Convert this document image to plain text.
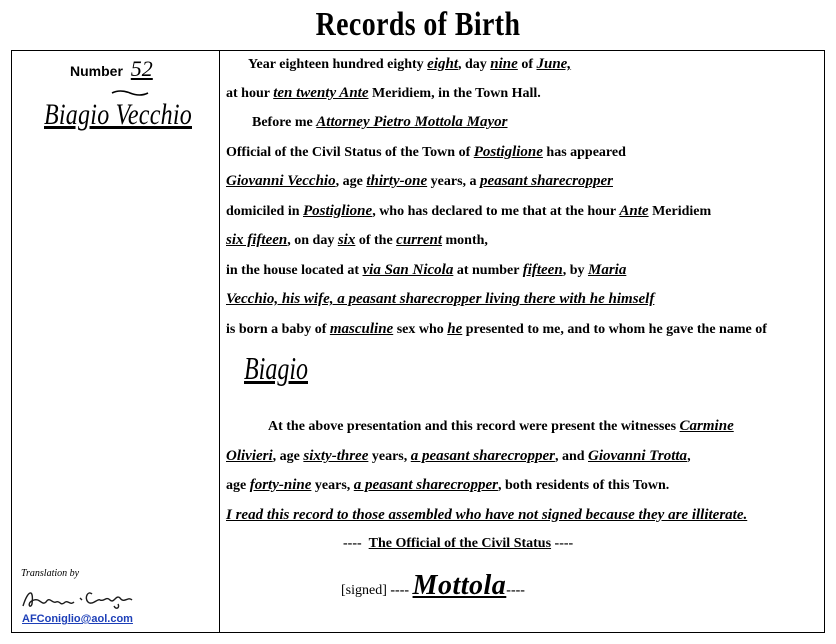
Records of Birth
Number 52
Biagio Vecchio
Translation by
AFConiglio@aol.com
Year eighteen hundred eighty eight, day nine of June,
at hour ten twenty Ante Meridiem, in the Town Hall.
Before me Attorney Pietro Mottola Mayor
Official of the Civil Status of the Town of Postiglione has appeared
Giovanni Vecchio, age thirty-one years, a peasant sharecropper
domiciled in Postiglione, who has declared to me that at the hour Ante Meridiem
six fifteen, on day six of the current month,
in the house located at via San Nicola at number fifteen, by Maria
Vecchio, his wife, a peasant sharecropper living there with he himself
is born a baby of masculine sex who he presented to me, and to whom he gave the name of
Biagio
At the above presentation and this record were present the witnesses Carmine
Olivieri, age sixty-three years, a peasant sharecropper, and Giovanni Trotta,
age forty-nine years, a peasant sharecropper, both residents of this Town.
I read this record to those assembled who have not signed because they are illiterate.
---- The Official of the Civil Status ----
[signed] ---- Mottola----
